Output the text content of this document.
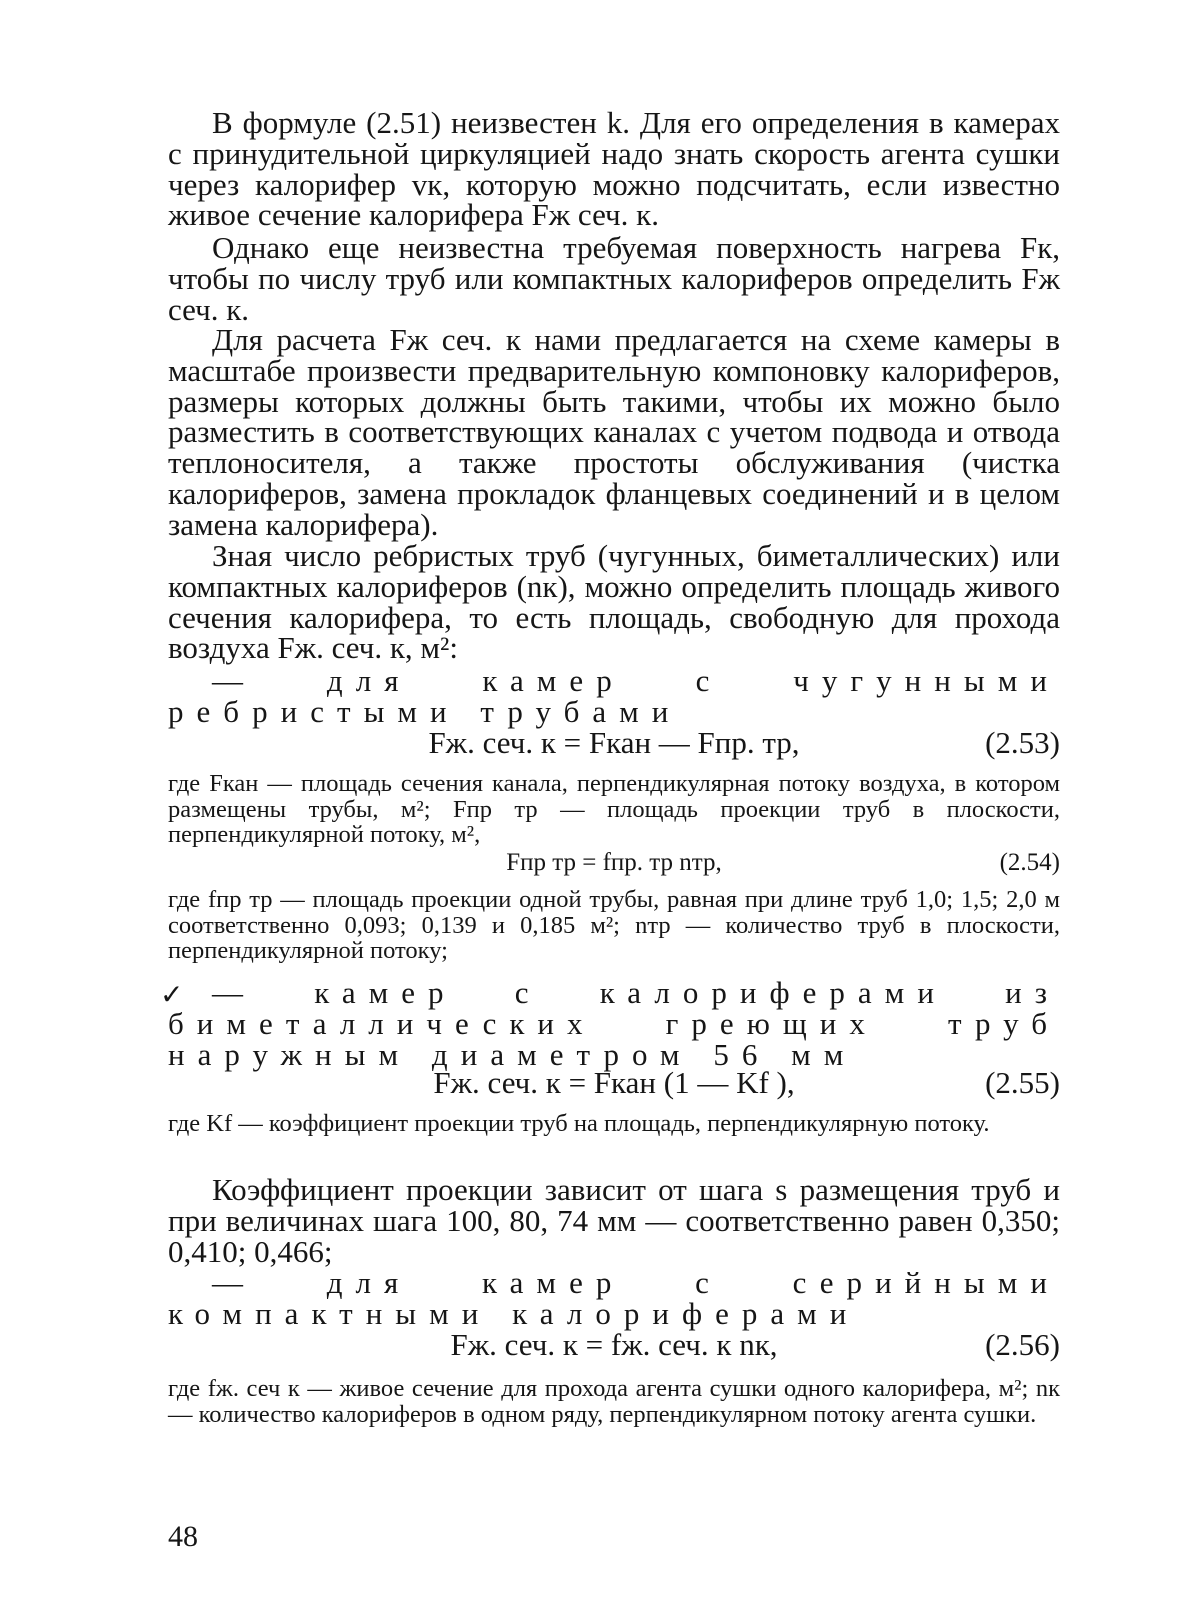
В формуле (2.51) неизвестен k. Для его определения в камерах с принудительной циркуляцией надо знать скорость агента сушки через калорифер vк, которую можно подсчитать, если известно живое сечение калорифера Fж сеч. к.

Однако еще неизвестна требуемая поверхность нагрева Fк, чтобы по числу труб или компактных калориферов определить Fж сеч. к.

Для расчета Fж сеч. к нами предлагается на схеме камеры в масштабе произвести предварительную компоновку калориферов, размеры которых должны быть такими, чтобы их можно было разместить в соответствующих каналах с учетом подвода и отвода теплоносителя, а также простоты обслуживания (чистка калориферов, замена прокладок фланцевых соединений и в целом замена калорифера).

Зная число ребристых труб (чугунных, биметаллических) или компактных калориферов (nк), можно определить площадь живого сечения калорифера, то есть площадь, свободную для прохода воздуха Fж. сеч. к, м²:

— для камер с чугунными ребристыми трубами

Fж. сеч. к = Fкан — Fпр. тр,	(2.53)

где Fкан — площадь сечения канала, перпендикулярная потоку воздуха, в котором размещены трубы, м²; Fпр тр — площадь проекции труб в плоскости, перпендикулярной потоку, м²,

Fпр тр = fпр. тр nтр,	(2.54)

где fпр тр — площадь проекции одной трубы, равная при длине труб 1,0; 1,5; 2,0 м соответственно 0,093; 0,139 и 0,185 м²; nтр — количество труб в плоскости, перпендикулярной потоку;

✓ — камер с калориферами из биметаллических греющих труб наружным диаметром 56 мм

Fж. сеч. к = Fкан (1 — Kf ),	(2.55)

где Kf — коэффициент проекции труб на площадь, перпендикулярную потоку.

Коэффициент проекции зависит от шага s размещения труб и при величинах шага 100, 80, 74 мм — соответственно равен 0,350; 0,410; 0,466;

— для камер с серийными компактными калориферами

Fж. сеч. к = fж. сеч. к nк,	(2.56)

где fж. сеч к — живое сечение для прохода агента сушки одного калорифера, м²; nк — количество калориферов в одном ряду, перпендикулярном потоку агента сушки.

48
